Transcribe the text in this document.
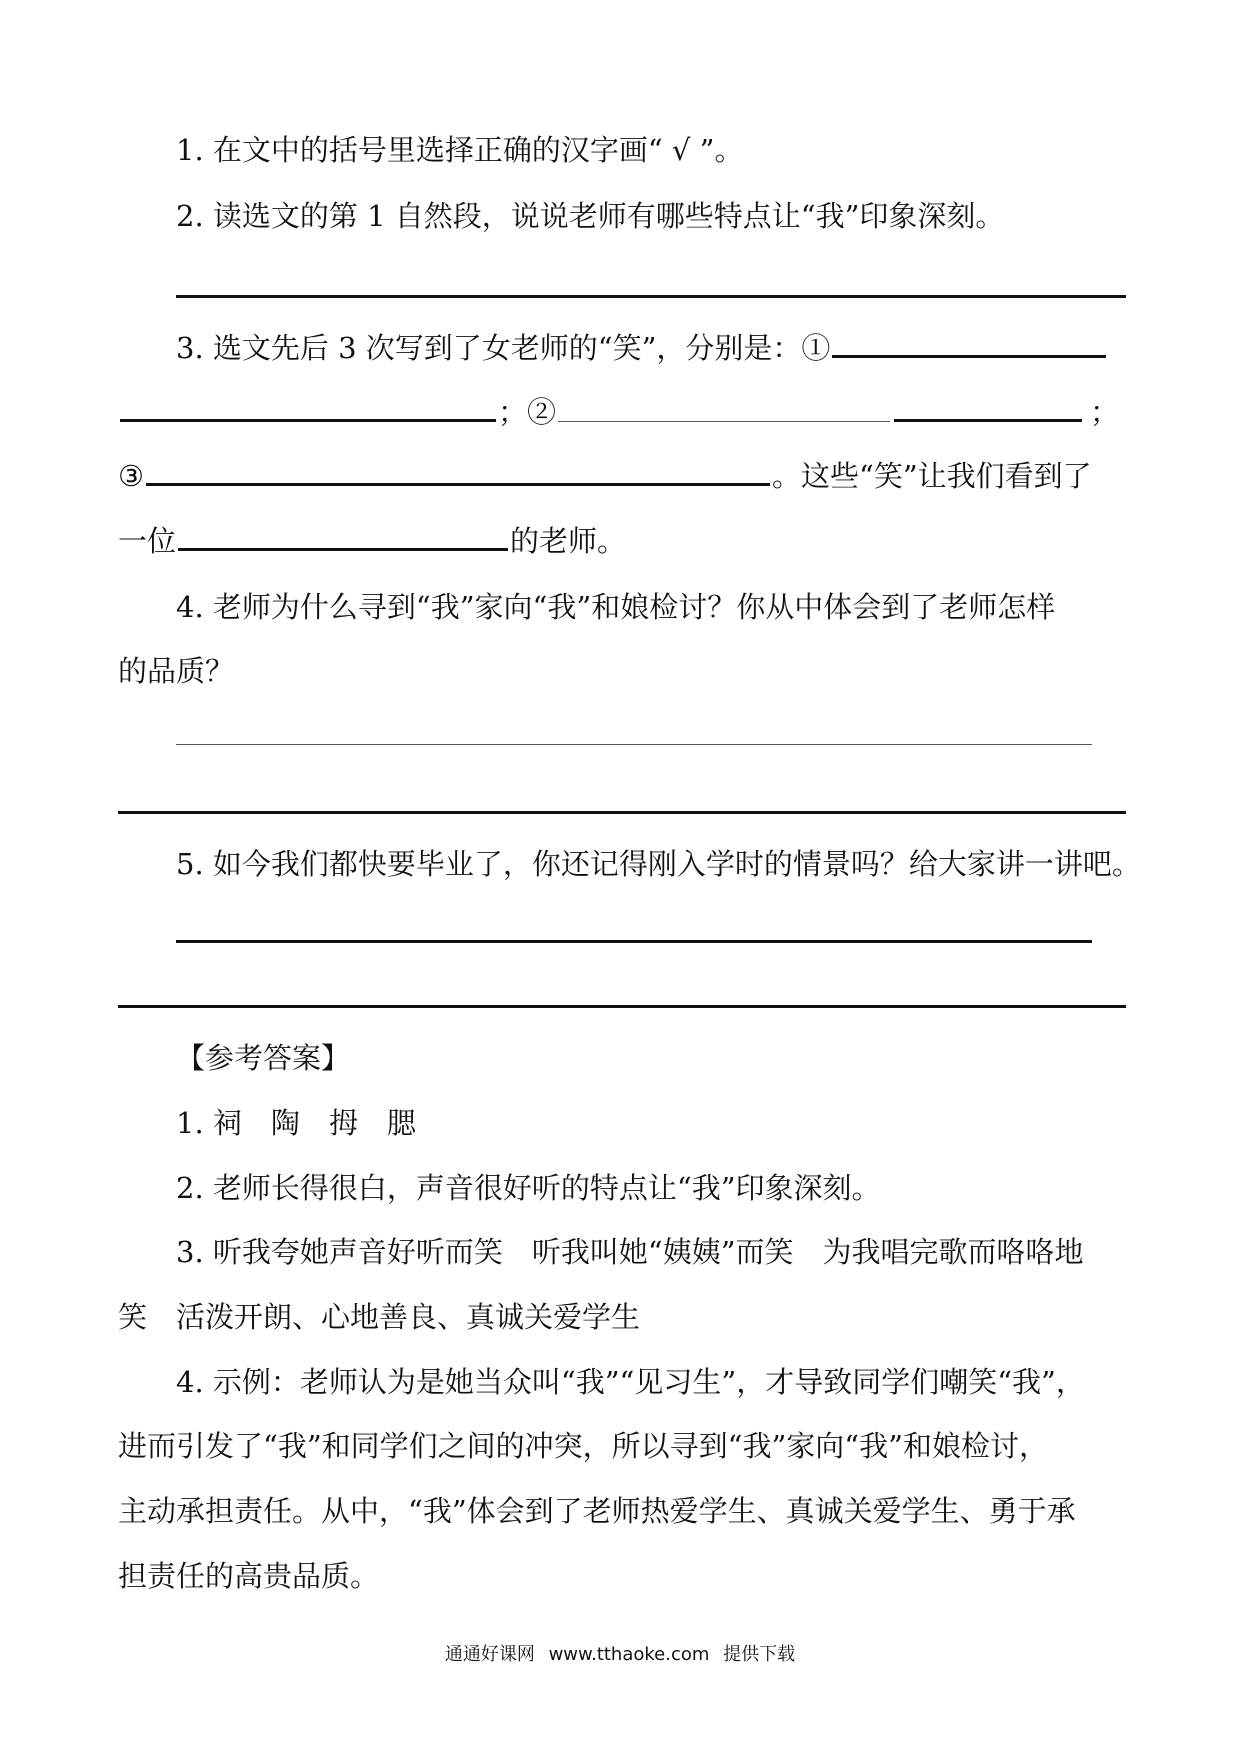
1. 在文中的括号里选择正确的汉字画“ √ ”。
2. 读选文的第 1 自然段，说说老师有哪些特点让“我”印象深刻。
3. 选文先后 3 次写到了女老师的“笑”，分别是：①
；②	；
③	。这些“笑”让我们看到了
一位	的老师。
4. 老师为什么寻到“我”家向“我”和娘检讨？你从中体会到了老师怎样
的品质？
5. 如今我们都快要毕业了，你还记得刚入学时的情景吗？给大家讲一讲吧。
【参考答案】
1. 祠　陶　拇　腮
2. 老师长得很白，声音很好听的特点让“我”印象深刻。
3. 听我夸她声音好听而笑　听我叫她“姨姨”而笑　为我唱完歌而咯咯地
笑　活泼开朗、心地善良、真诚关爱学生
4. 示例：老师认为是她当众叫“我”“见习生”，才导致同学们嘲笑“我”，
进而引发了“我”和同学们之间的冲突，所以寻到“我”家向“我”和娘检讨，
主动承担责任。从中，“我”体会到了老师热爱学生、真诚关爱学生、勇于承
担责任的高贵品质。
通通好课网 www.tthaoke.com 提供下载
